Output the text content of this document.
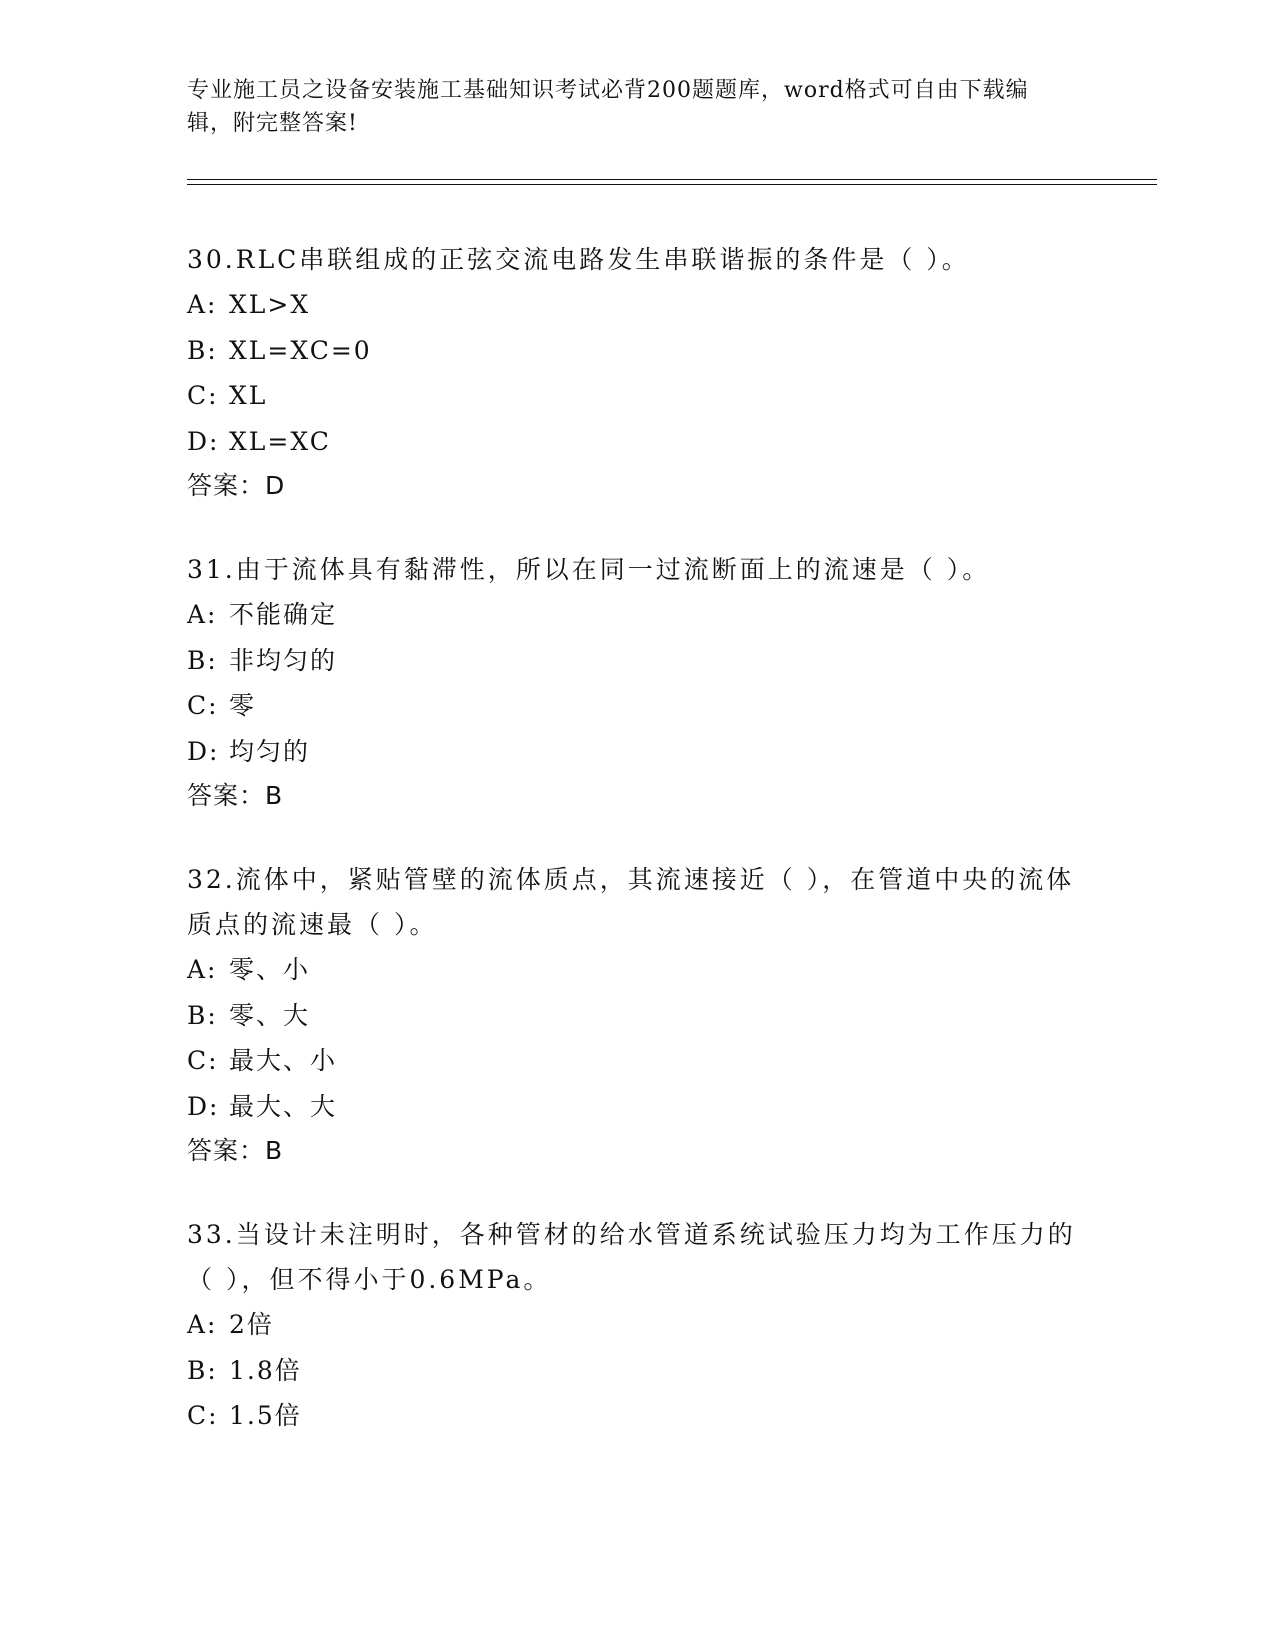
专业施工员之设备安装施工基础知识考试必背200题题库，word格式可自由下载编辑，附完整答案!

30.RLC串联组成的正弦交流电路发生串联谐振的条件是（ ）。

A: XL>X

B: XL=XC=0

C: XL

D: XL=XC

答案：D

31.由于流体具有黏滞性，所以在同一过流断面上的流速是（ ）。

A: 不能确定

B: 非均匀的

C: 零

D: 均匀的

答案：B

32.流体中，紧贴管壁的流体质点，其流速接近（ ），在管道中央的流体质点的流速最（ ）。

A: 零、小

B: 零、大

C: 最大、小

D: 最大、大

答案：B

33.当设计未注明时，各种管材的给水管道系统试验压力均为工作压力的（ ），但不得小于0.6MPa。

A: 2倍

B: 1.8倍

C: 1.5倍
